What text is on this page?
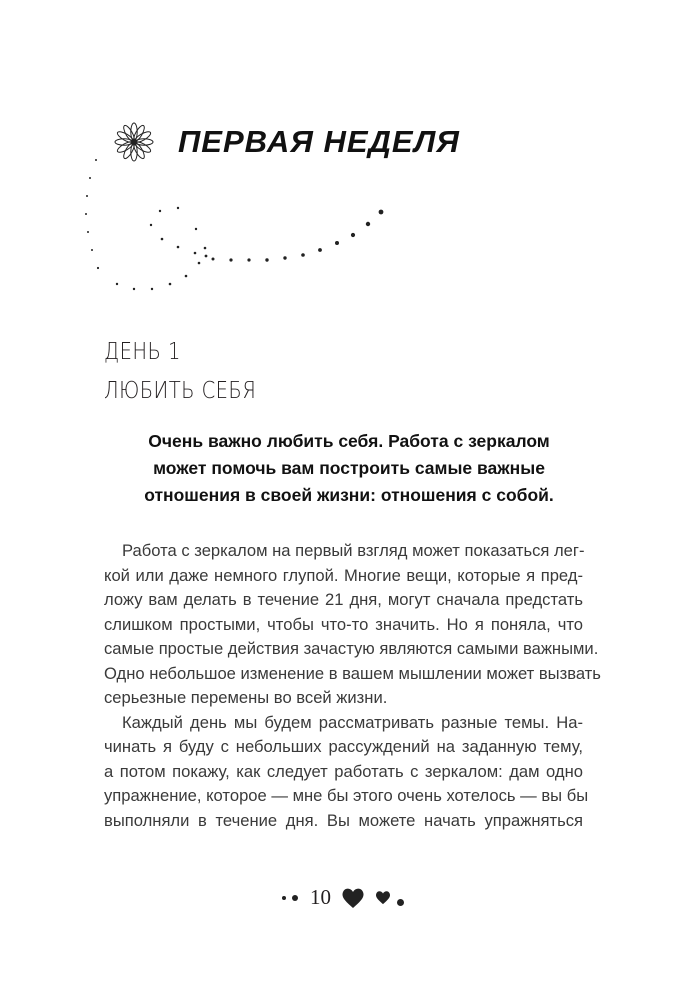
ПЕРВАЯ НЕДЕЛЯ
ДЕНЬ 1
ЛЮБИТЬ СЕБЯ
Очень важно любить себя. Работа с зеркалом
может помочь вам построить самые важные
отношения в своей жизни: отношения с собой.
Работа с зеркалом на первый взгляд может показаться лег-
кой или даже немного глупой. Многие вещи, которые я пред-
ложу вам делать в течение 21 дня, могут сначала предстать
слишком простыми, чтобы что-то значить. Но я поняла, что
самые простые действия зачастую являются самыми важными.
Одно небольшое изменение в вашем мышлении может вызвать
серьезные перемены во всей жизни.
Каждый день мы будем рассматривать разные темы. На-
чинать я буду с небольших рассуждений на заданную тему,
а потом покажу, как следует работать с зеркалом: дам одно
упражнение, которое — мне бы этого очень хотелось — вы бы
выполняли в течение дня. Вы можете начать упражняться
10
